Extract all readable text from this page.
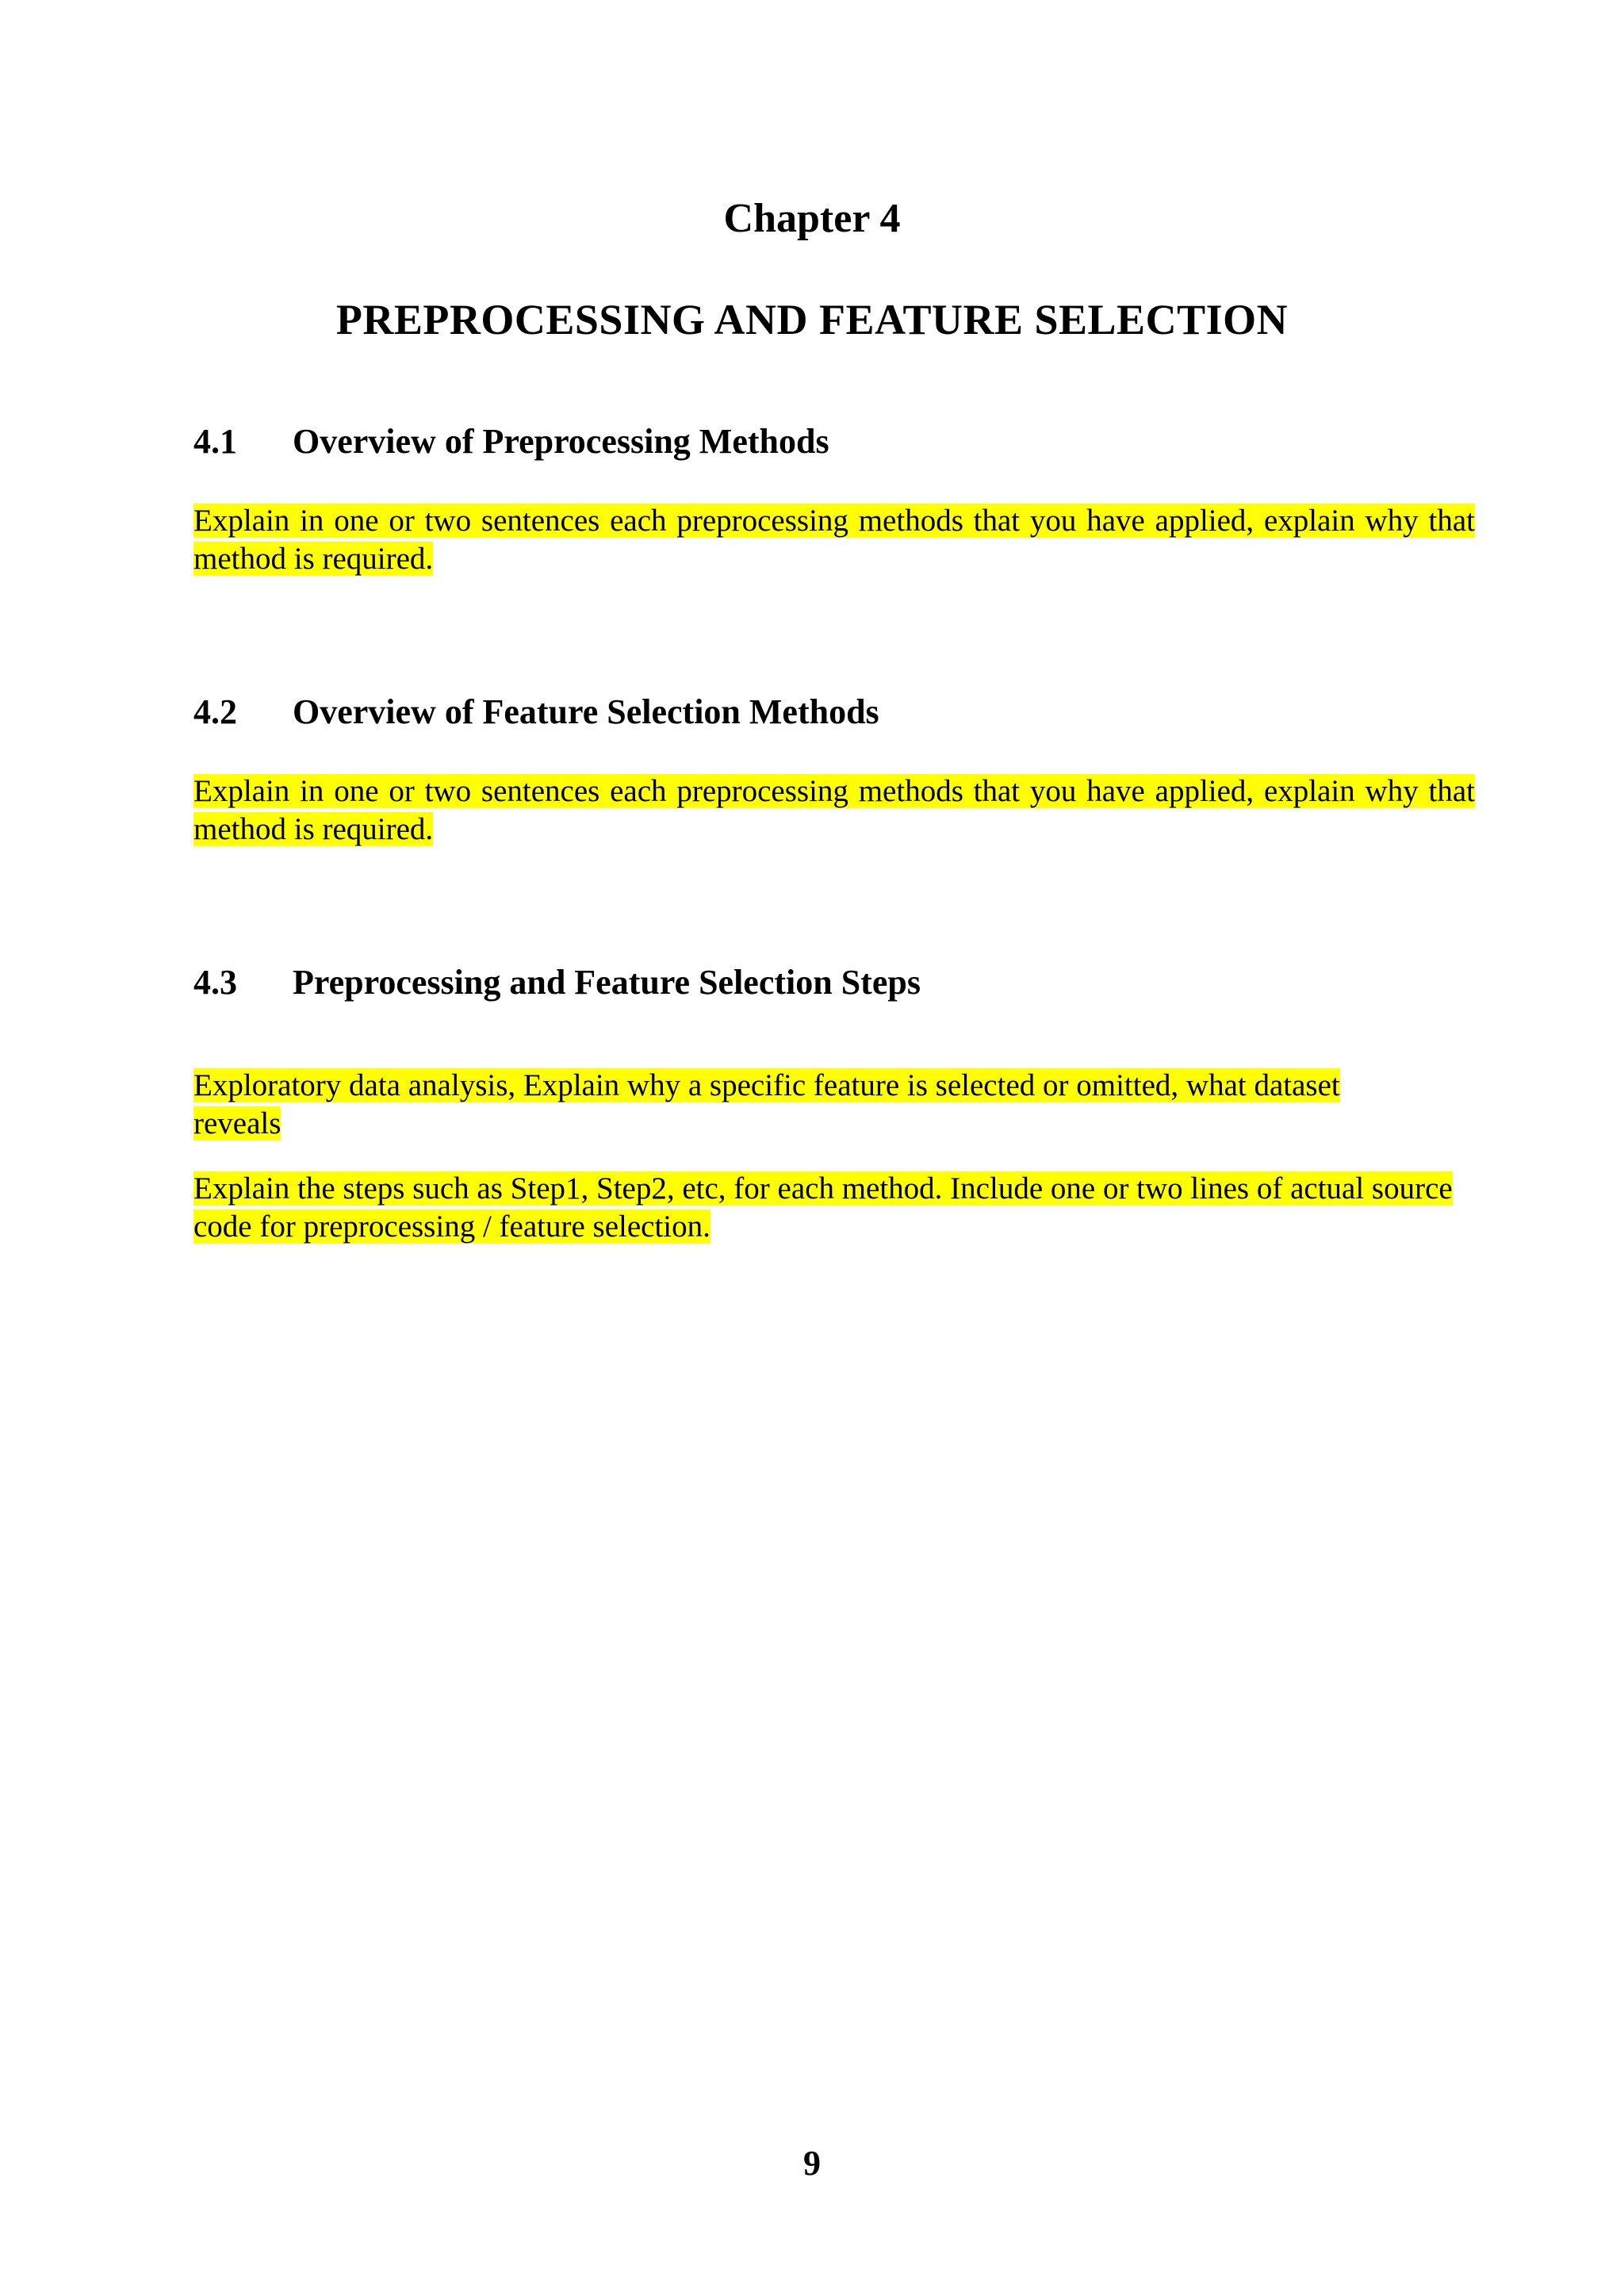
Chapter 4
PREPROCESSING AND FEATURE SELECTION
4.1 Overview of Preprocessing Methods

Explain in one or two sentences each preprocessing methods that you have applied, explain why that method is required.

4.2 Overview of Feature Selection Methods

Explain in one or two sentences each preprocessing methods that you have applied, explain why that method is required.

4.3 Preprocessing and Feature Selection Steps

Exploratory data analysis, Explain why a specific feature is selected or omitted, what dataset reveals

Explain the steps such as Step1, Step2, etc, for each method. Include one or two lines of actual source code for preprocessing / feature selection.

9
